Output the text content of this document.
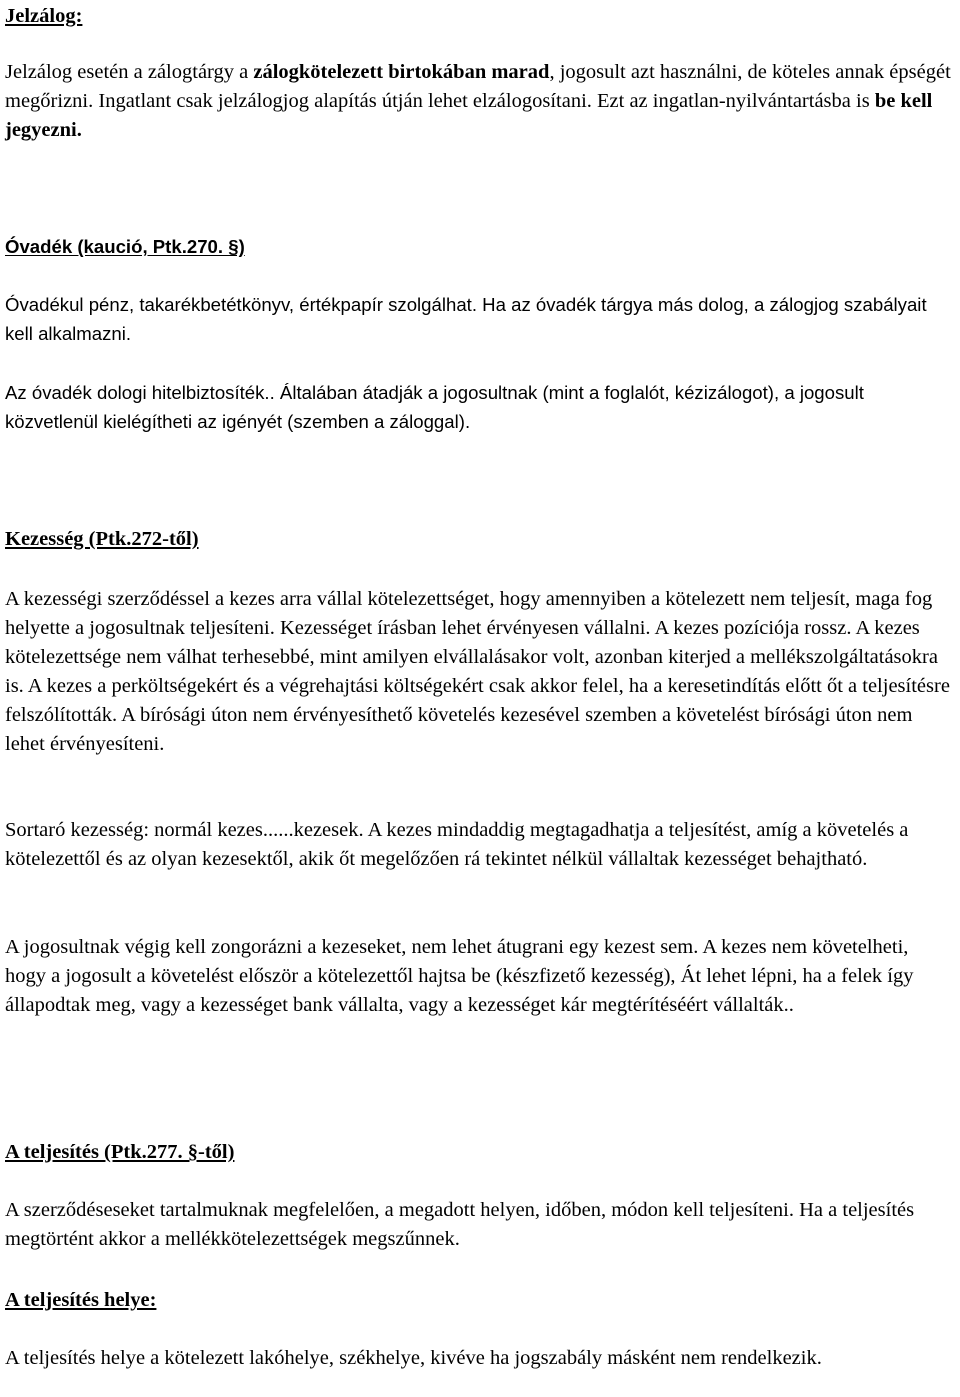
Jelzálog:

Jelzálog esetén a zálogtárgy a zálogkötelezett birtokában marad, jogosult azt használni, de köteles annak épségét megőrizni. Ingatlant csak jelzálogjog alapítás útján lehet elzálogosítani. Ezt az ingatlan-nyilvántartásba is be kell jegyezni.

Óvadék (kaució, Ptk.270. §)

Óvadékul pénz, takarékbetétkönyv, értékpapír szolgálhat. Ha az óvadék tárgya más dolog, a zálogjog szabályait kell alkalmazni.

Az óvadék dologi hitelbiztosíték.. Általában átadják a jogosultnak (mint a foglalót, kézizálogot), a jogosult közvetlenül kielégítheti az igényét (szemben a záloggal).

Kezesség (Ptk.272-től)

A kezességi szerződéssel a kezes arra vállal kötelezettséget, hogy amennyiben a kötelezett nem teljesít, maga fog helyette a jogosultnak teljesíteni. Kezességet írásban lehet érvényesen vállalni. A kezes pozíciója rossz. A kezes kötelezettsége nem válhat terhesebbé, mint amilyen elvállalásakor volt, azonban kiterjed a mellékszolgáltatásokra is. A kezes a perköltségekért és a végrehajtási költségekért csak akkor felel, ha a keresetindítás előtt őt a teljesítésre felszólították. A bírósági úton nem érvényesíthető követelés kezesével szemben a követelést bírósági úton nem lehet érvényesíteni.

Sortaró kezesség: normál kezes......kezesek. A kezes mindaddig megtagadhatja a teljesítést, amíg a követelés a kötelezettől és az olyan kezesektől, akik őt megelőzően rá tekintet nélkül vállaltak kezességet behajtható.

A jogosultnak végig kell zongorázni a kezeseket, nem lehet átugrani egy kezest sem. A kezes nem követelheti, hogy a jogosult a követelést először a kötelezettől hajtsa be (készfizető kezesség), Át lehet lépni, ha a felek így állapodtak meg, vagy a kezességet bank vállalta, vagy a kezességet kár megtérítéséért vállalták..

A teljesítés (Ptk.277. §-től)

A szerződéseseket tartalmuknak megfelelően, a megadott helyen, időben, módon kell teljesíteni. Ha a teljesítés megtörtént akkor a mellékkötelezettségek megszűnnek.

A teljesítés helye:

A teljesítés helye a kötelezett lakóhelye, székhelye, kivéve ha jogszabály másként nem rendelkezik.
